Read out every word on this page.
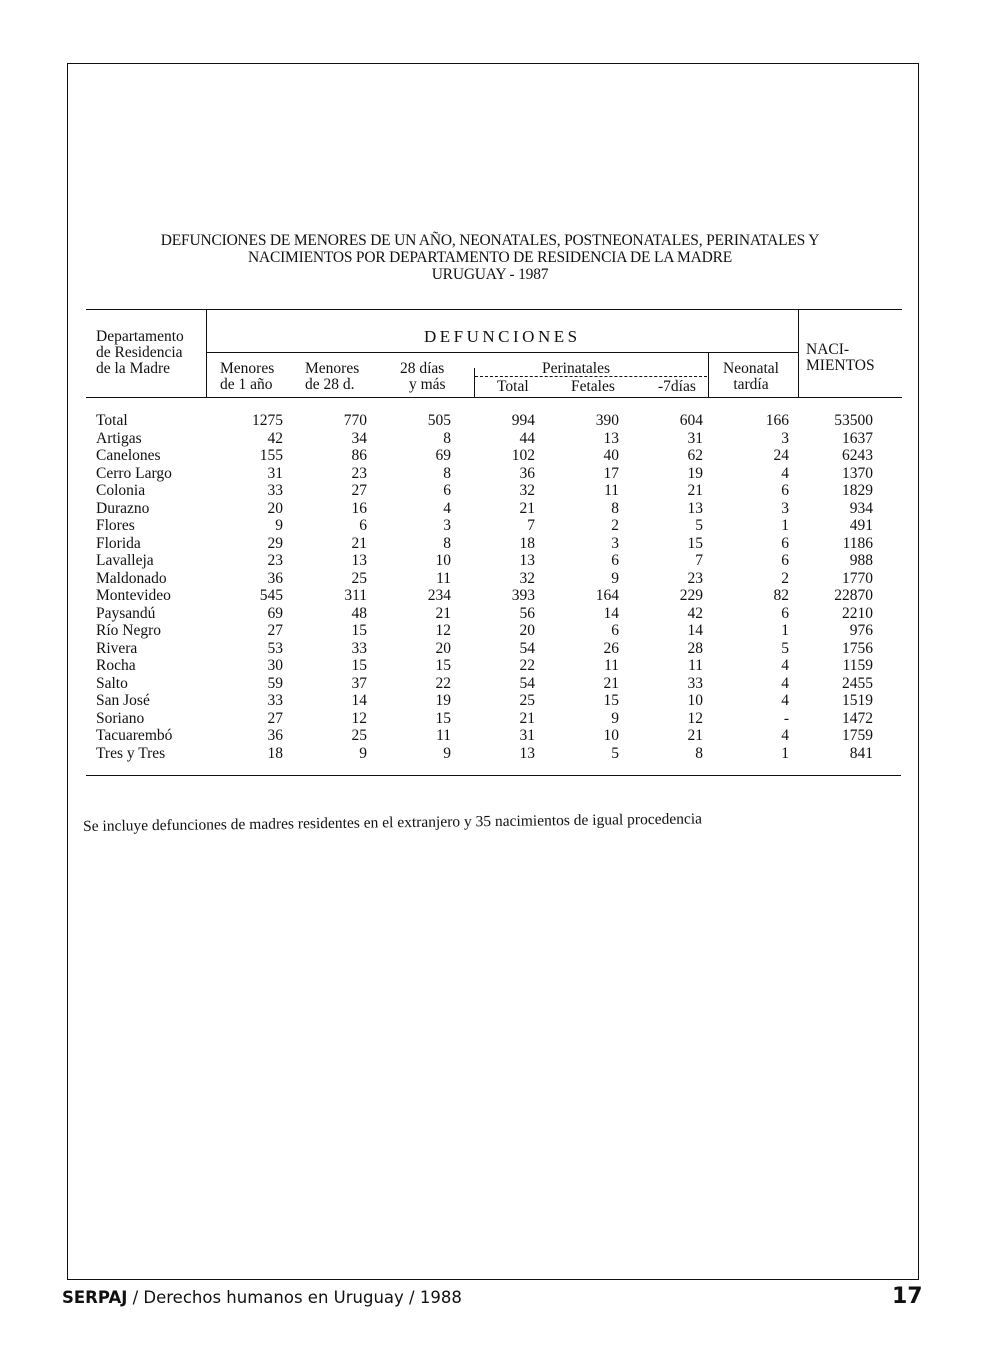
DEFUNCIONES DE MENORES DE UN AÑO, NEONATALES, POSTNEONATALES, PERINATALES Y
NACIMIENTOS POR DEPARTAMENTO DE RESIDENCIA DE LA MADRE
URUGUAY - 1987
Departamento
de Residencia
de la Madre
DEFUNCIONES
Menores
de 1 año
Menores
de 28 d.
28 días
y más
Perinatales
Total	Fetales	-7días
Neonatal
tardía
NACI-
MIENTOS
Total	1275	770	505	994	390	604	166	53500
Artigas	42	34	8	44	13	31	3	1637
Canelones	155	86	69	102	40	62	24	6243
Cerro Largo	31	23	8	36	17	19	4	1370
Colonia	33	27	6	32	11	21	6	1829
Durazno	20	16	4	21	8	13	3	934
Flores	9	6	3	7	2	5	1	491
Florida	29	21	8	18	3	15	6	1186
Lavalleja	23	13	10	13	6	7	6	988
Maldonado	36	25	11	32	9	23	2	1770
Montevideo	545	311	234	393	164	229	82	22870
Paysandú	69	48	21	56	14	42	6	2210
Río Negro	27	15	12	20	6	14	1	976
Rivera	53	33	20	54	26	28	5	1756
Rocha	30	15	15	22	11	11	4	1159
Salto	59	37	22	54	21	33	4	2455
San José	33	14	19	25	15	10	4	1519
Soriano	27	12	15	21	9	12	-	1472
Tacuarembó	36	25	11	31	10	21	4	1759
Tres y Tres	18	9	9	13	5	8	1	841
Se incluye defunciones de madres residentes en el extranjero y 35 nacimientos de igual procedencia
SERPAJ / Derechos humanos en Uruguay / 1988	17
